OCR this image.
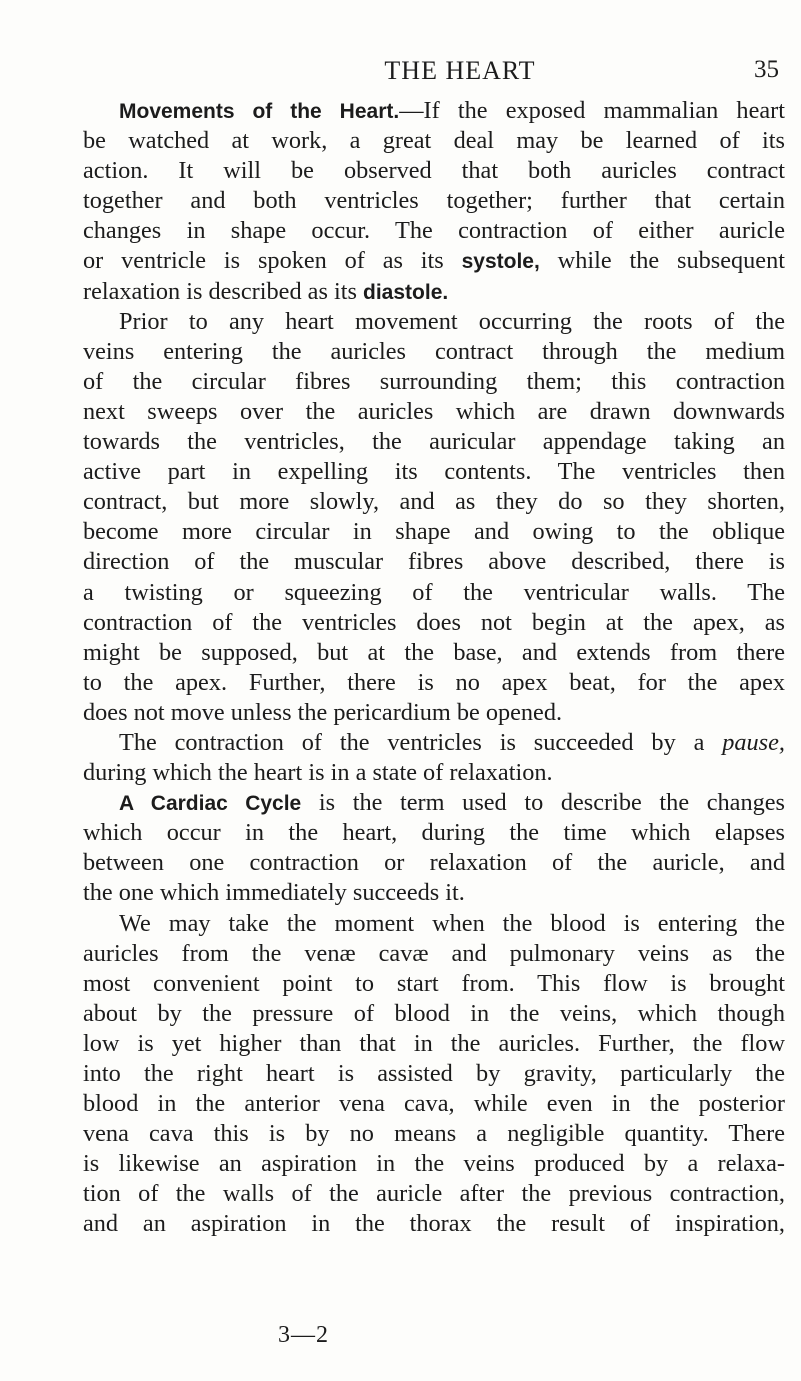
THE HEART	35
Movements of the Heart.—If the exposed mammalian heart
be watched at work, a great deal may be learned of its
action. It will be observed that both auricles contract
together and both ventricles together; further that certain
changes in shape occur. The contraction of either auricle
or ventricle is spoken of as its systole, while the subsequent
relaxation is described as its diastole.
Prior to any heart movement occurring the roots of the
veins entering the auricles contract through the medium
of the circular fibres surrounding them; this contraction
next sweeps over the auricles which are drawn downwards
towards the ventricles, the auricular appendage taking an
active part in expelling its contents. The ventricles then
contract, but more slowly, and as they do so they shorten,
become more circular in shape and owing to the oblique
direction of the muscular fibres above described, there is
a twisting or squeezing of the ventricular walls. The
contraction of the ventricles does not begin at the apex, as
might be supposed, but at the base, and extends from there
to the apex. Further, there is no apex beat, for the apex
does not move unless the pericardium be opened.
The contraction of the ventricles is succeeded by a pause,
during which the heart is in a state of relaxation.
A Cardiac Cycle is the term used to describe the changes
which occur in the heart, during the time which elapses
between one contraction or relaxation of the auricle, and
the one which immediately succeeds it.
We may take the moment when the blood is entering the
auricles from the venæ cavæ and pulmonary veins as the
most convenient point to start from. This flow is brought
about by the pressure of blood in the veins, which though
low is yet higher than that in the auricles. Further, the flow
into the right heart is assisted by gravity, particularly the
blood in the anterior vena cava, while even in the posterior
vena cava this is by no means a negligible quantity. There
is likewise an aspiration in the veins produced by a relaxa-
tion of the walls of the auricle after the previous contraction,
and an aspiration in the thorax the result of inspiration,
3—2
